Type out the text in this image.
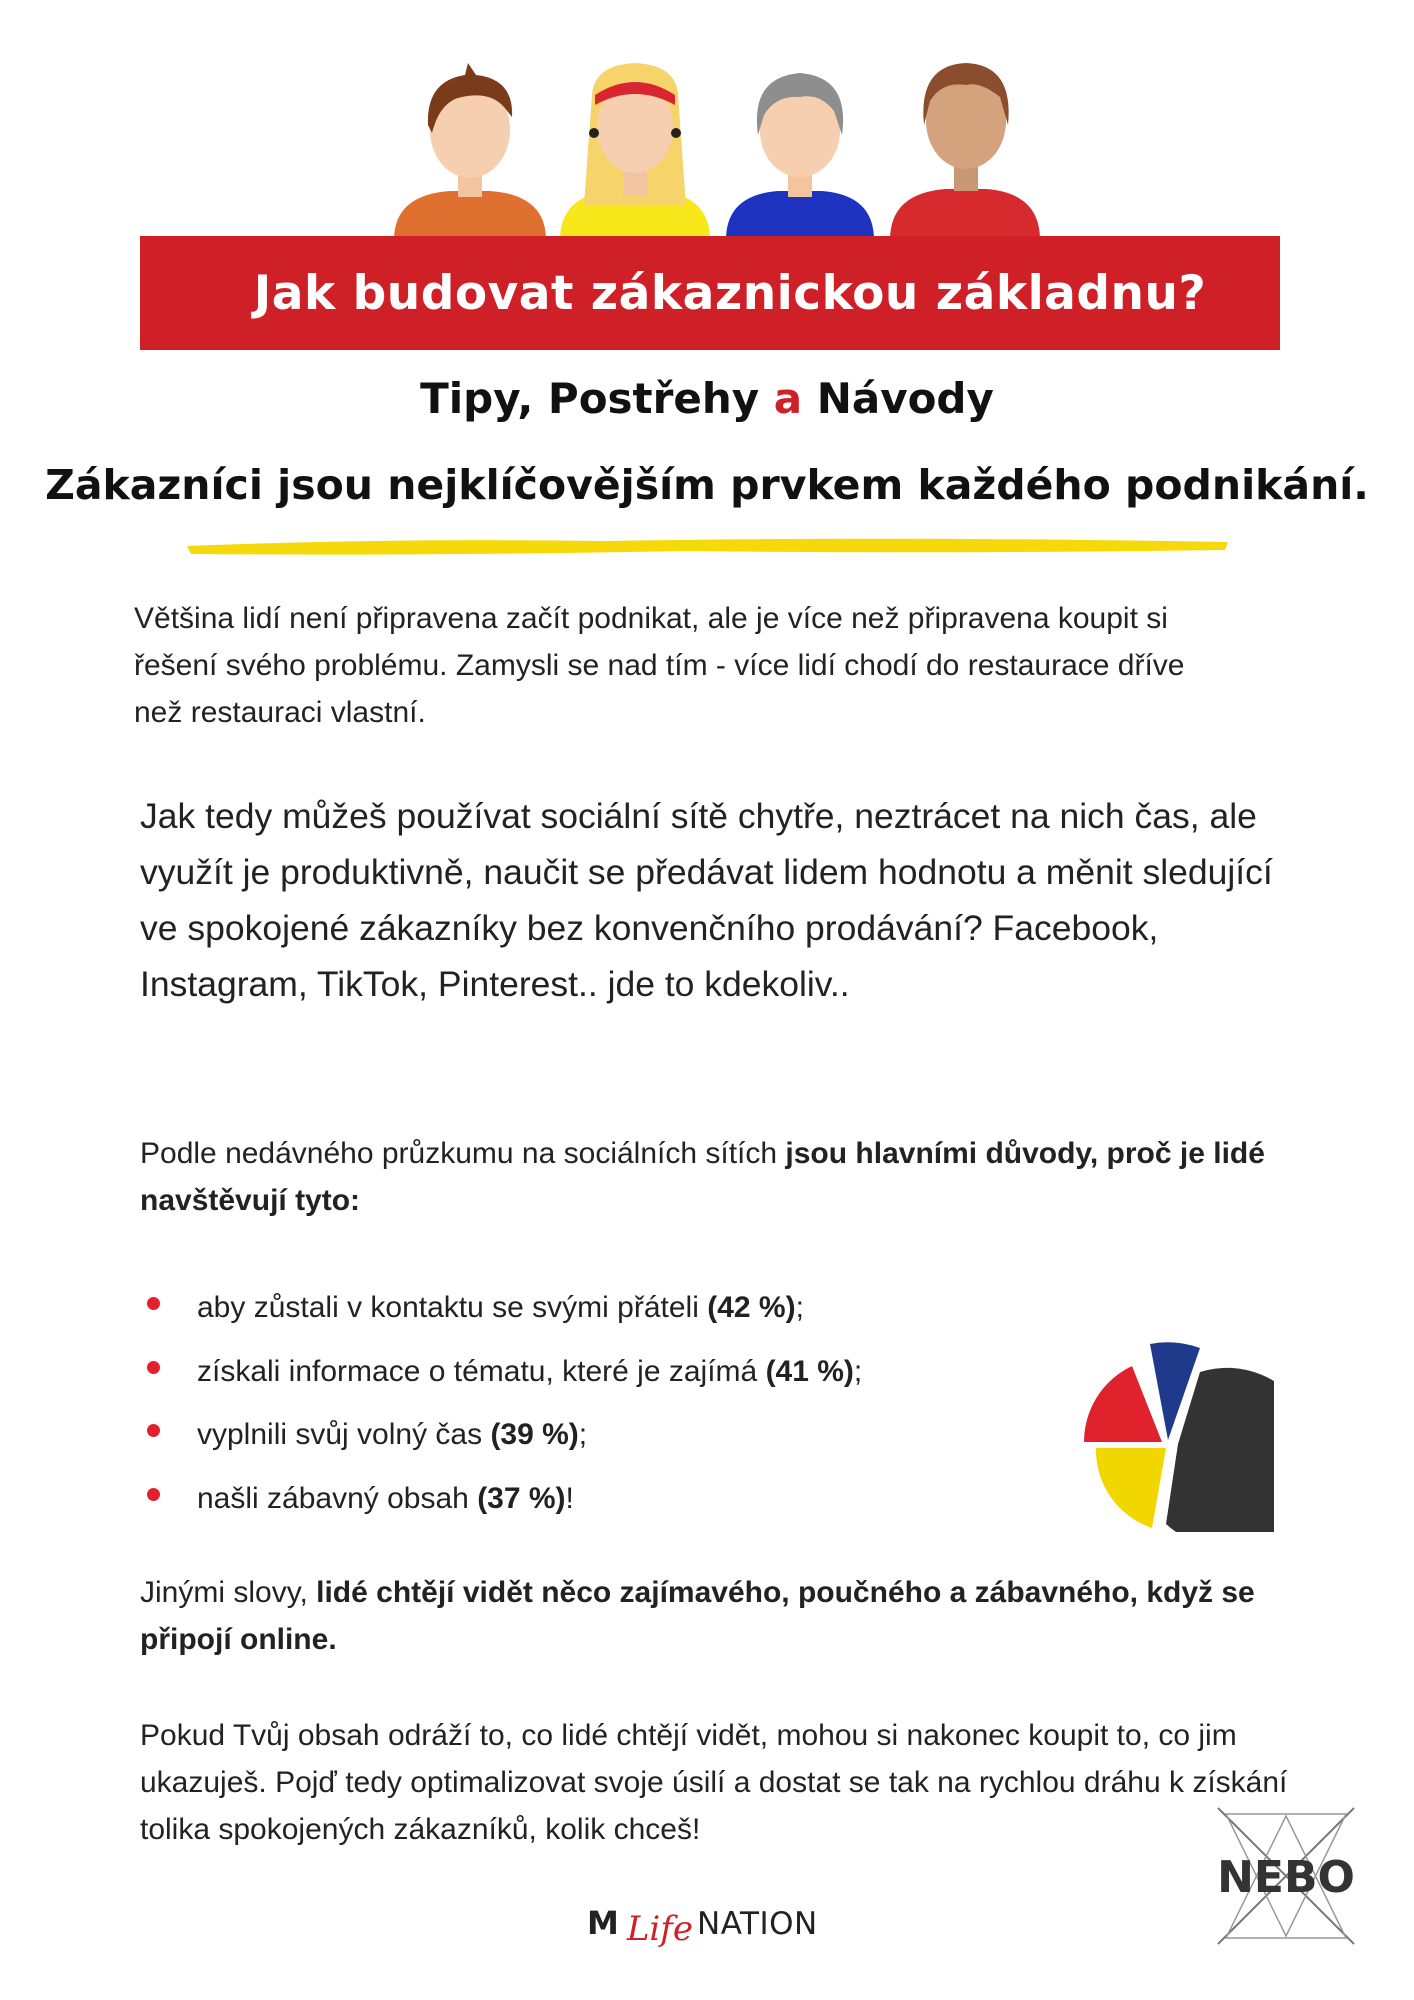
Jak budovat zákaznickou základnu?
Tipy, Postřehy a Návody
Zákazníci jsou nejklíčovějším prvkem každého podnikání.
Většina lidí není připravena začít podnikat, ale je více než připravena koupit si řešení svého problému. Zamysli se nad tím - více lidí chodí do restaurace dříve než restauraci vlastní.
Jak tedy můžeš používat sociální sítě chytře, neztrácet na nich čas, ale využít je produktivně, naučit se předávat lidem hodnotu a měnit sledující ve spokojené zákazníky bez konvenčního prodávání? Facebook, Instagram, TikTok, Pinterest.. jde to kdekoliv..
Podle nedávného průzkumu na sociálních sítích jsou hlavními důvody, proč je lidé navštěvují tyto:
aby zůstali v kontaktu se svými přáteli (42 %);
získali informace o tématu, které je zajímá (41 %);
vyplnili svůj volný čas (39 %);
našli zábavný obsah (37 %)!
Jinými slovy, lidé chtějí vidět něco zajímavého, poučného a zábavného, když se připojí online.
Pokud Tvůj obsah odráží to, co lidé chtějí vidět, mohou si nakonec koupit to, co jim ukazuješ. Pojď tedy optimalizovat svoje úsilí a dostat se tak na rychlou dráhu k získání tolika spokojených zákazníků, kolik chceš!
NEBO
M Life NATION
